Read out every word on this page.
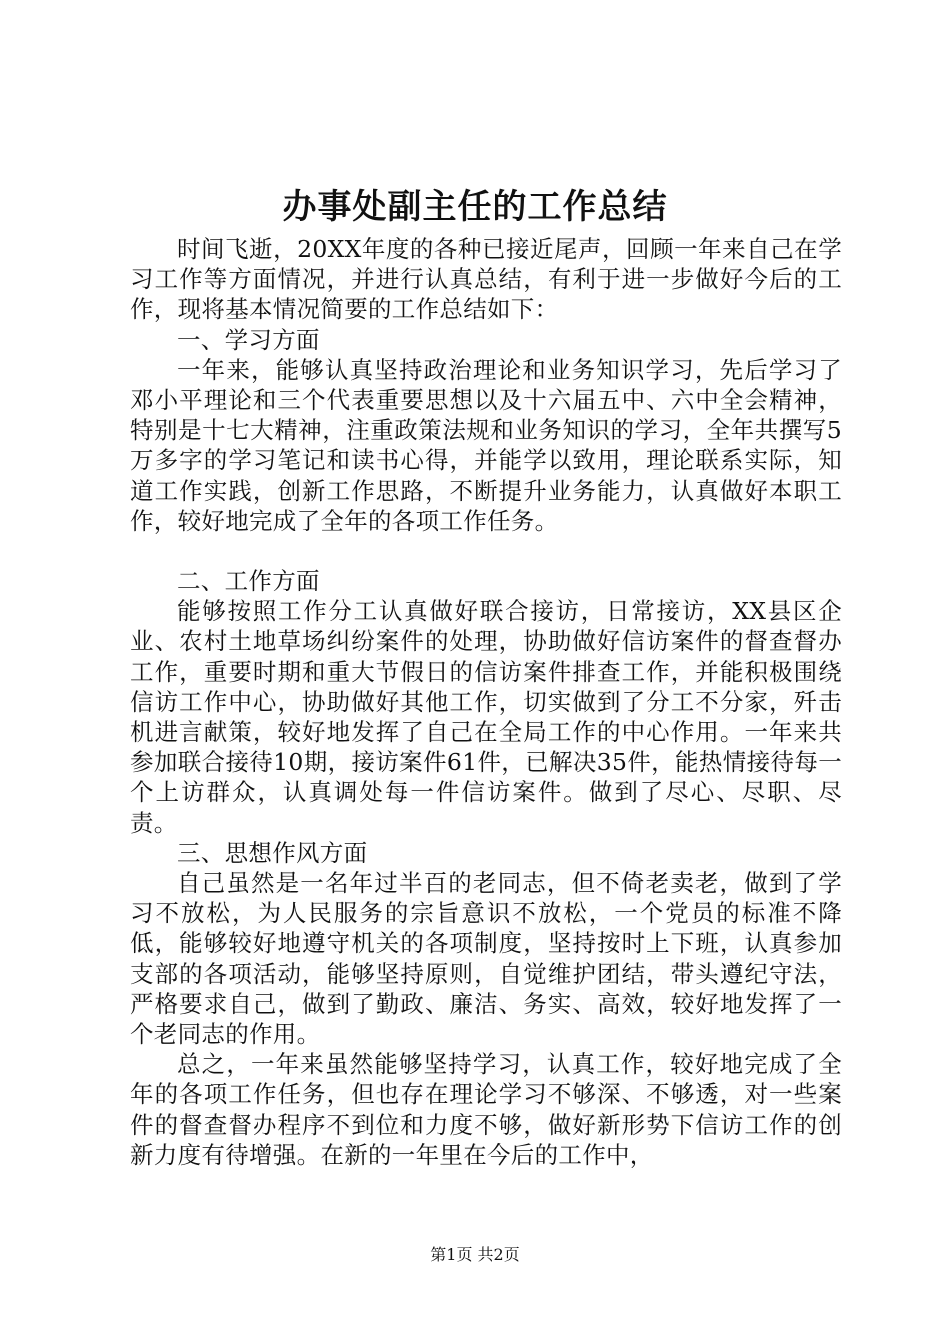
办事处副主任的工作总结

时间飞逝，20XX年度的各种已接近尾声，回顾一年来自己在学习工作等方面情况，并进行认真总结，有利于进一步做好今后的工作，现将基本情况简要的工作总结如下：

一、学习方面

一年来，能够认真坚持政治理论和业务知识学习，先后学习了邓小平理论和三个代表重要思想以及十六届五中、六中全会精神，特别是十七大精神，注重政策法规和业务知识的学习，全年共撰写5万多字的学习笔记和读书心得，并能学以致用，理论联系实际，知道工作实践，创新工作思路，不断提升业务能力，认真做好本职工作，较好地完成了全年的各项工作任务。

二、工作方面

能够按照工作分工认真做好联合接访，日常接访，XX县区企业、农村土地草场纠纷案件的处理，协助做好信访案件的督查督办工作，重要时期和重大节假日的信访案件排查工作，并能积极围绕信访工作中心，协助做好其他工作，切实做到了分工不分家，歼击机进言献策，较好地发挥了自己在全局工作的中心作用。一年来共参加联合接待10期，接访案件61件，已解决35件，能热情接待每一个上访群众，认真调处每一件信访案件。做到了尽心、尽职、尽责。

三、思想作风方面

自己虽然是一名年过半百的老同志，但不倚老卖老，做到了学习不放松，为人民服务的宗旨意识不放松，一个党员的标准不降低，能够较好地遵守机关的各项制度，坚持按时上下班，认真参加支部的各项活动，能够坚持原则，自觉维护团结，带头遵纪守法，严格要求自己，做到了勤政、廉洁、务实、高效，较好地发挥了一个老同志的作用。

总之，一年来虽然能够坚持学习，认真工作，较好地完成了全年的各项工作任务，但也存在理论学习不够深、不够透，对一些案件的督查督办程序不到位和力度不够，做好新形势下信访工作的创新力度有待增强。在新的一年里在今后的工作中，

第1页 共2页
